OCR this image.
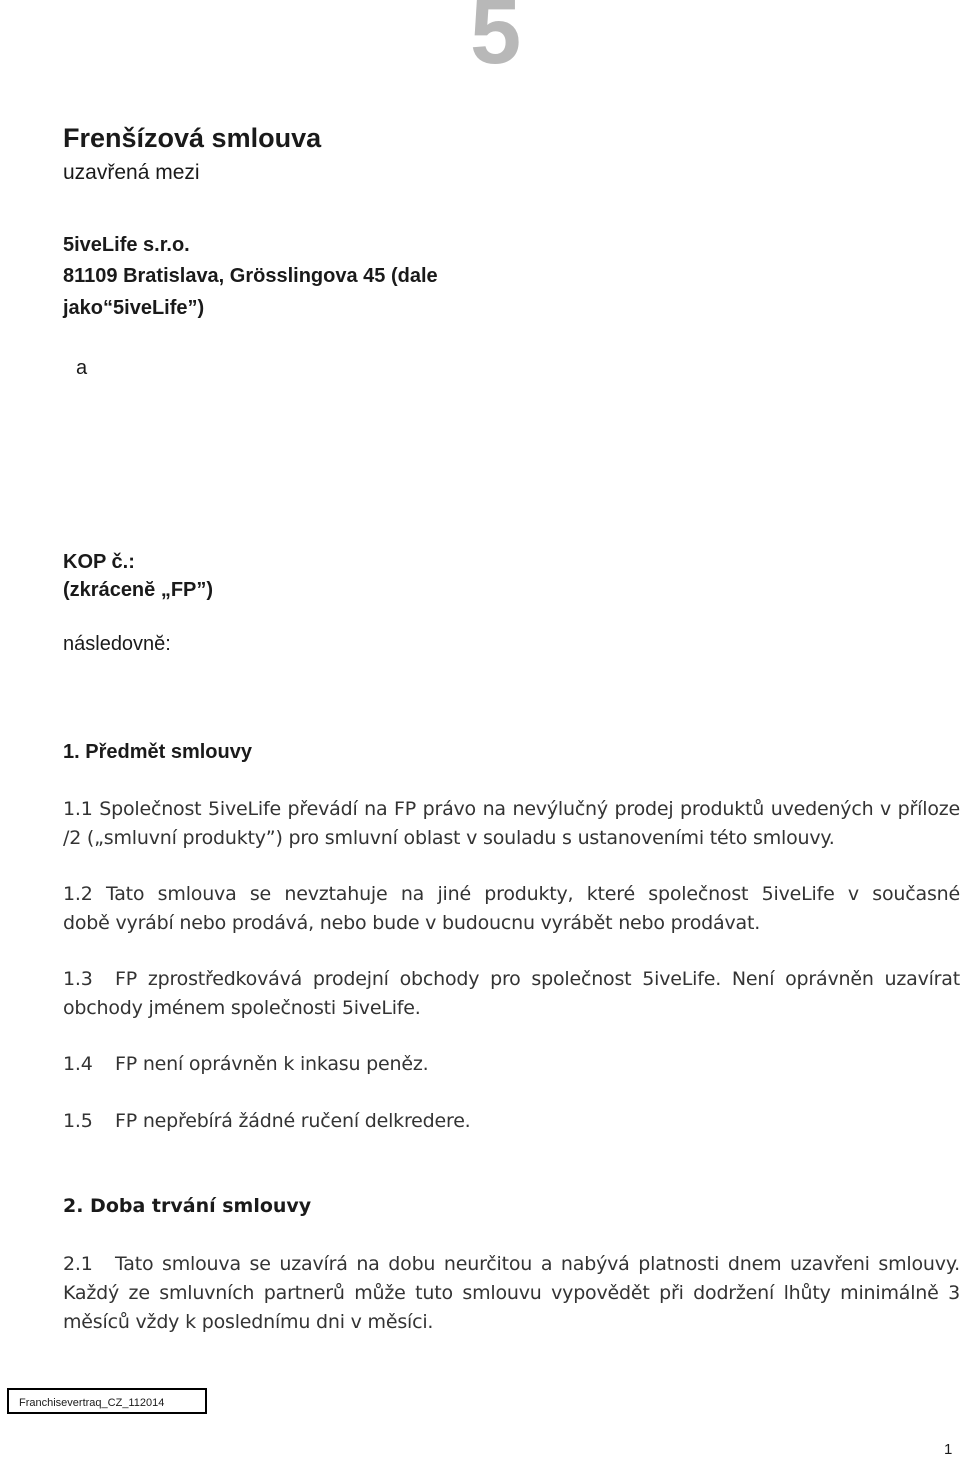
5
Frenšízová smlouva

uzavřená mezi

5iveLife s.r.o.

81109 Bratislava, Grösslingova 45 (dale

jako“5iveLife”)

a

KOP č.:

(zkrácenĕ „FP”)

následovnĕ:

1. Předmět smlouvy

1.1 Společnost 5iveLife převádí na FP právo na nevýlučný prodej produktů uvedených v příloze
/2 („smluvní produkty”) pro smluvní oblast v souladu s ustanoveními této smlouvy.
1.2 Tato smlouva se nevztahuje na jiné produkty, které společnost 5iveLife v současné
době vyrábí nebo prodává, nebo bude v budoucnu vyrábět nebo prodávat.
1.3 FP zprostředkovává prodejní obchody pro společnost 5iveLife. Není oprávněn uzavírat
obchody jménem společnosti 5iveLife.
1.4 FP není oprávněn k inkasu peněz.
1.5 FP nepřebírá žádné ručení delkredere.
2. Doba trvání smlouvy
2.1 Tato smlouva se uzavírá na dobu neurčitou a nabývá platnosti dnem uzavřeni smlouvy.
Každý ze smluvních partnerů může tuto smlouvu vypovědět při dodržení lhůty minimálně 3
měsíců vždy k poslednímu dni v měsíci.
Franchisevertraq_CZ_112014
1
